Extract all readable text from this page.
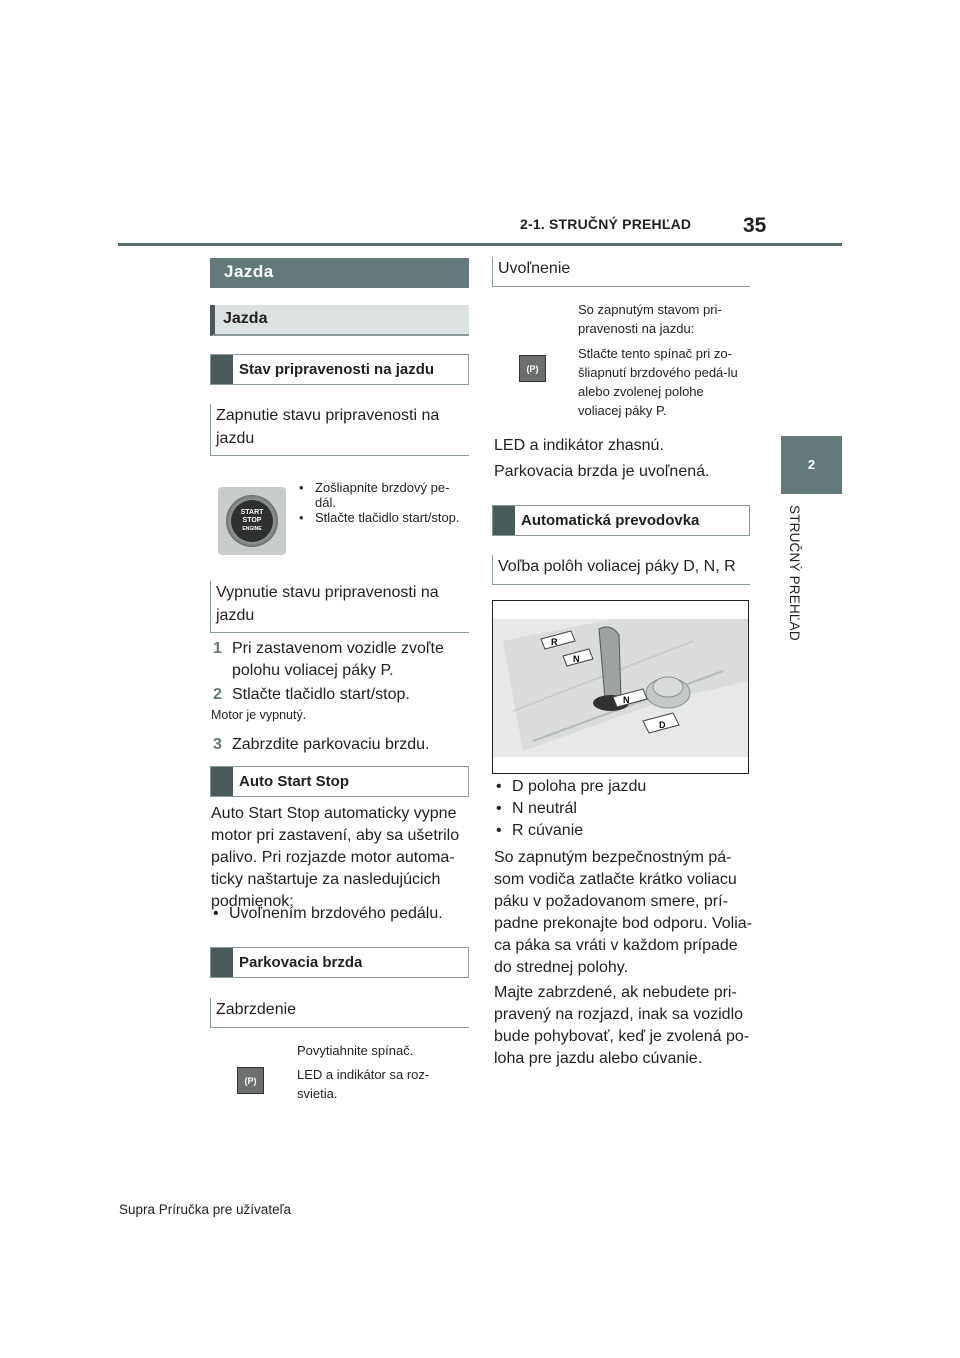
2-1. STRUČNÝ PREHĽAD 35
2
STRUČNÝ PREHĽAD
Jazda
Jazda
Stav pripravenosti na jazdu
Zapnutie stavu pripravenosti na jazdu
START
STOP
ENGINE
• Zošliapnite brzdový pe-dál.
• Stlačte tlačidlo start/stop.
Vypnutie stavu pripravenosti na jazdu
1 Pri zastavenom vozidle zvoľte polohu voliacej páky P.
2 Stlačte tlačidlo start/stop.
Motor je vypnutý.
3 Zabrzdite parkovaciu brzdu.
Auto Start Stop
Auto Start Stop automaticky vypne motor pri zastavení, aby sa ušetrilo palivo. Pri rozjazde motor automa-ticky naštartuje za nasledujúcich podmienok:
• Uvoľnením brzdového pedálu.
Parkovacia brzda
Zabrzdenie
(P)
Povytiahnite spínač.
LED a indikátor sa roz-svietia.
Uvoľnenie
(P)
So zapnutým stavom pri-pravenosti na jazdu:
Stlačte tento spínač pri zo-šliapnutí brzdového pedá-lu alebo zvolenej polohe voliacej páky P.
LED a indikátor zhasnú.
Parkovacia brzda je uvoľnená.
Automatická prevodovka
Voľba polôh voliacej páky D, N, R
R
N
N
D
• D poloha pre jazdu
• N neutrál
• R cúvanie
So zapnutým bezpečnostným pá-som vodiča zatlačte krátko voliacu páku v požadovanom smere, prí-padne prekonajte bod odporu. Volia-ca páka sa vráti v každom prípade do strednej polohy.
Majte zabrzdené, ak nebudete pri-pravený na rozjazd, inak sa vozidlo bude pohybovať, keď je zvolená po-loha pre jazdu alebo cúvanie.
Supra Príručka pre užívateľa
